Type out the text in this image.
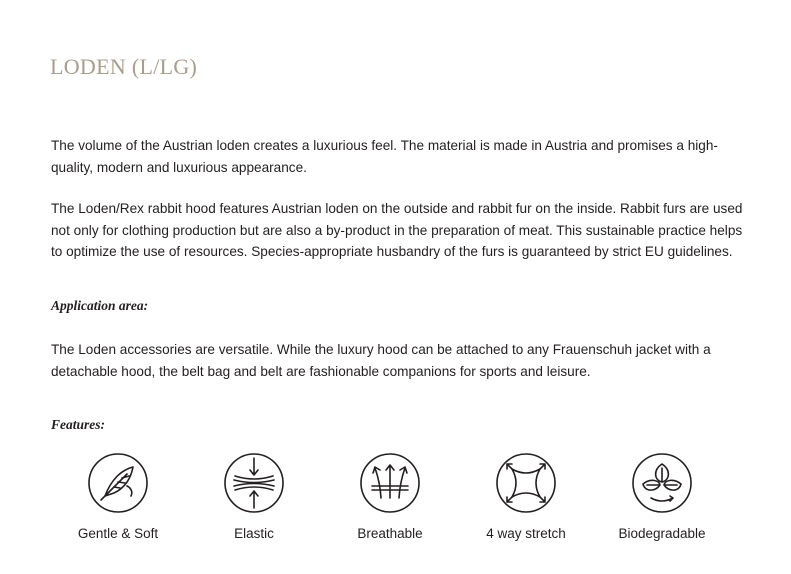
LODEN (L/LG)

The volume of the Austrian loden creates a luxurious feel. The material is made in Austria and promises a high-quality, modern and luxurious appearance.

The Loden/Rex rabbit hood features Austrian loden on the outside and rabbit fur on the inside. Rabbit furs are used not only for clothing production but are also a by-product in the preparation of meat. This sustainable practice helps to optimize the use of resources. Species-appropriate husbandry of the furs is guaranteed by strict EU guidelines.

Application area:

The Loden accessories are versatile. While the luxury hood can be attached to any Frauenschuh jacket with a detachable hood, the belt bag and belt are fashionable companions for sports and leisure.

Features:
Gentle & Soft	Elastic	Breathable	4 way stretch	Biodegradable
